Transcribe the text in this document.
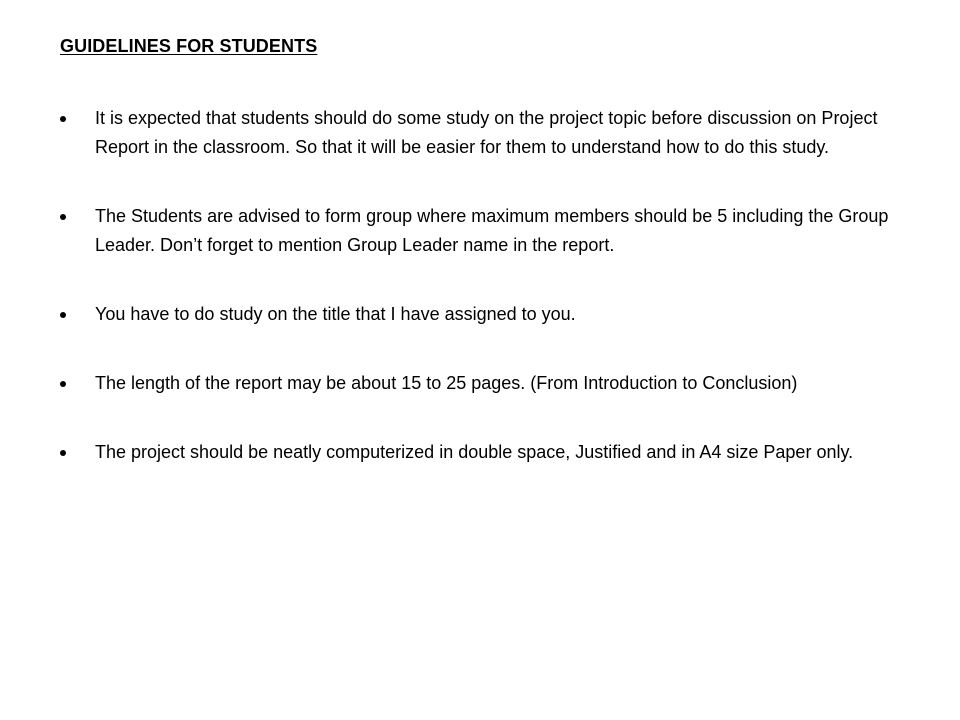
GUIDELINES FOR STUDENTS
It is expected that students should do some study on the project topic before discussion on Project Report in the classroom. So that it will be easier for them to understand how to do this study.
The Students are advised to form group where maximum members should be 5 including the Group Leader. Don’t forget to mention Group Leader name in the report.
You have to do study on the title that I have assigned to you.
The length of the report may be about 15 to 25 pages. (From Introduction to Conclusion)
The project should be neatly computerized in double space, Justified and in A4 size Paper only.
